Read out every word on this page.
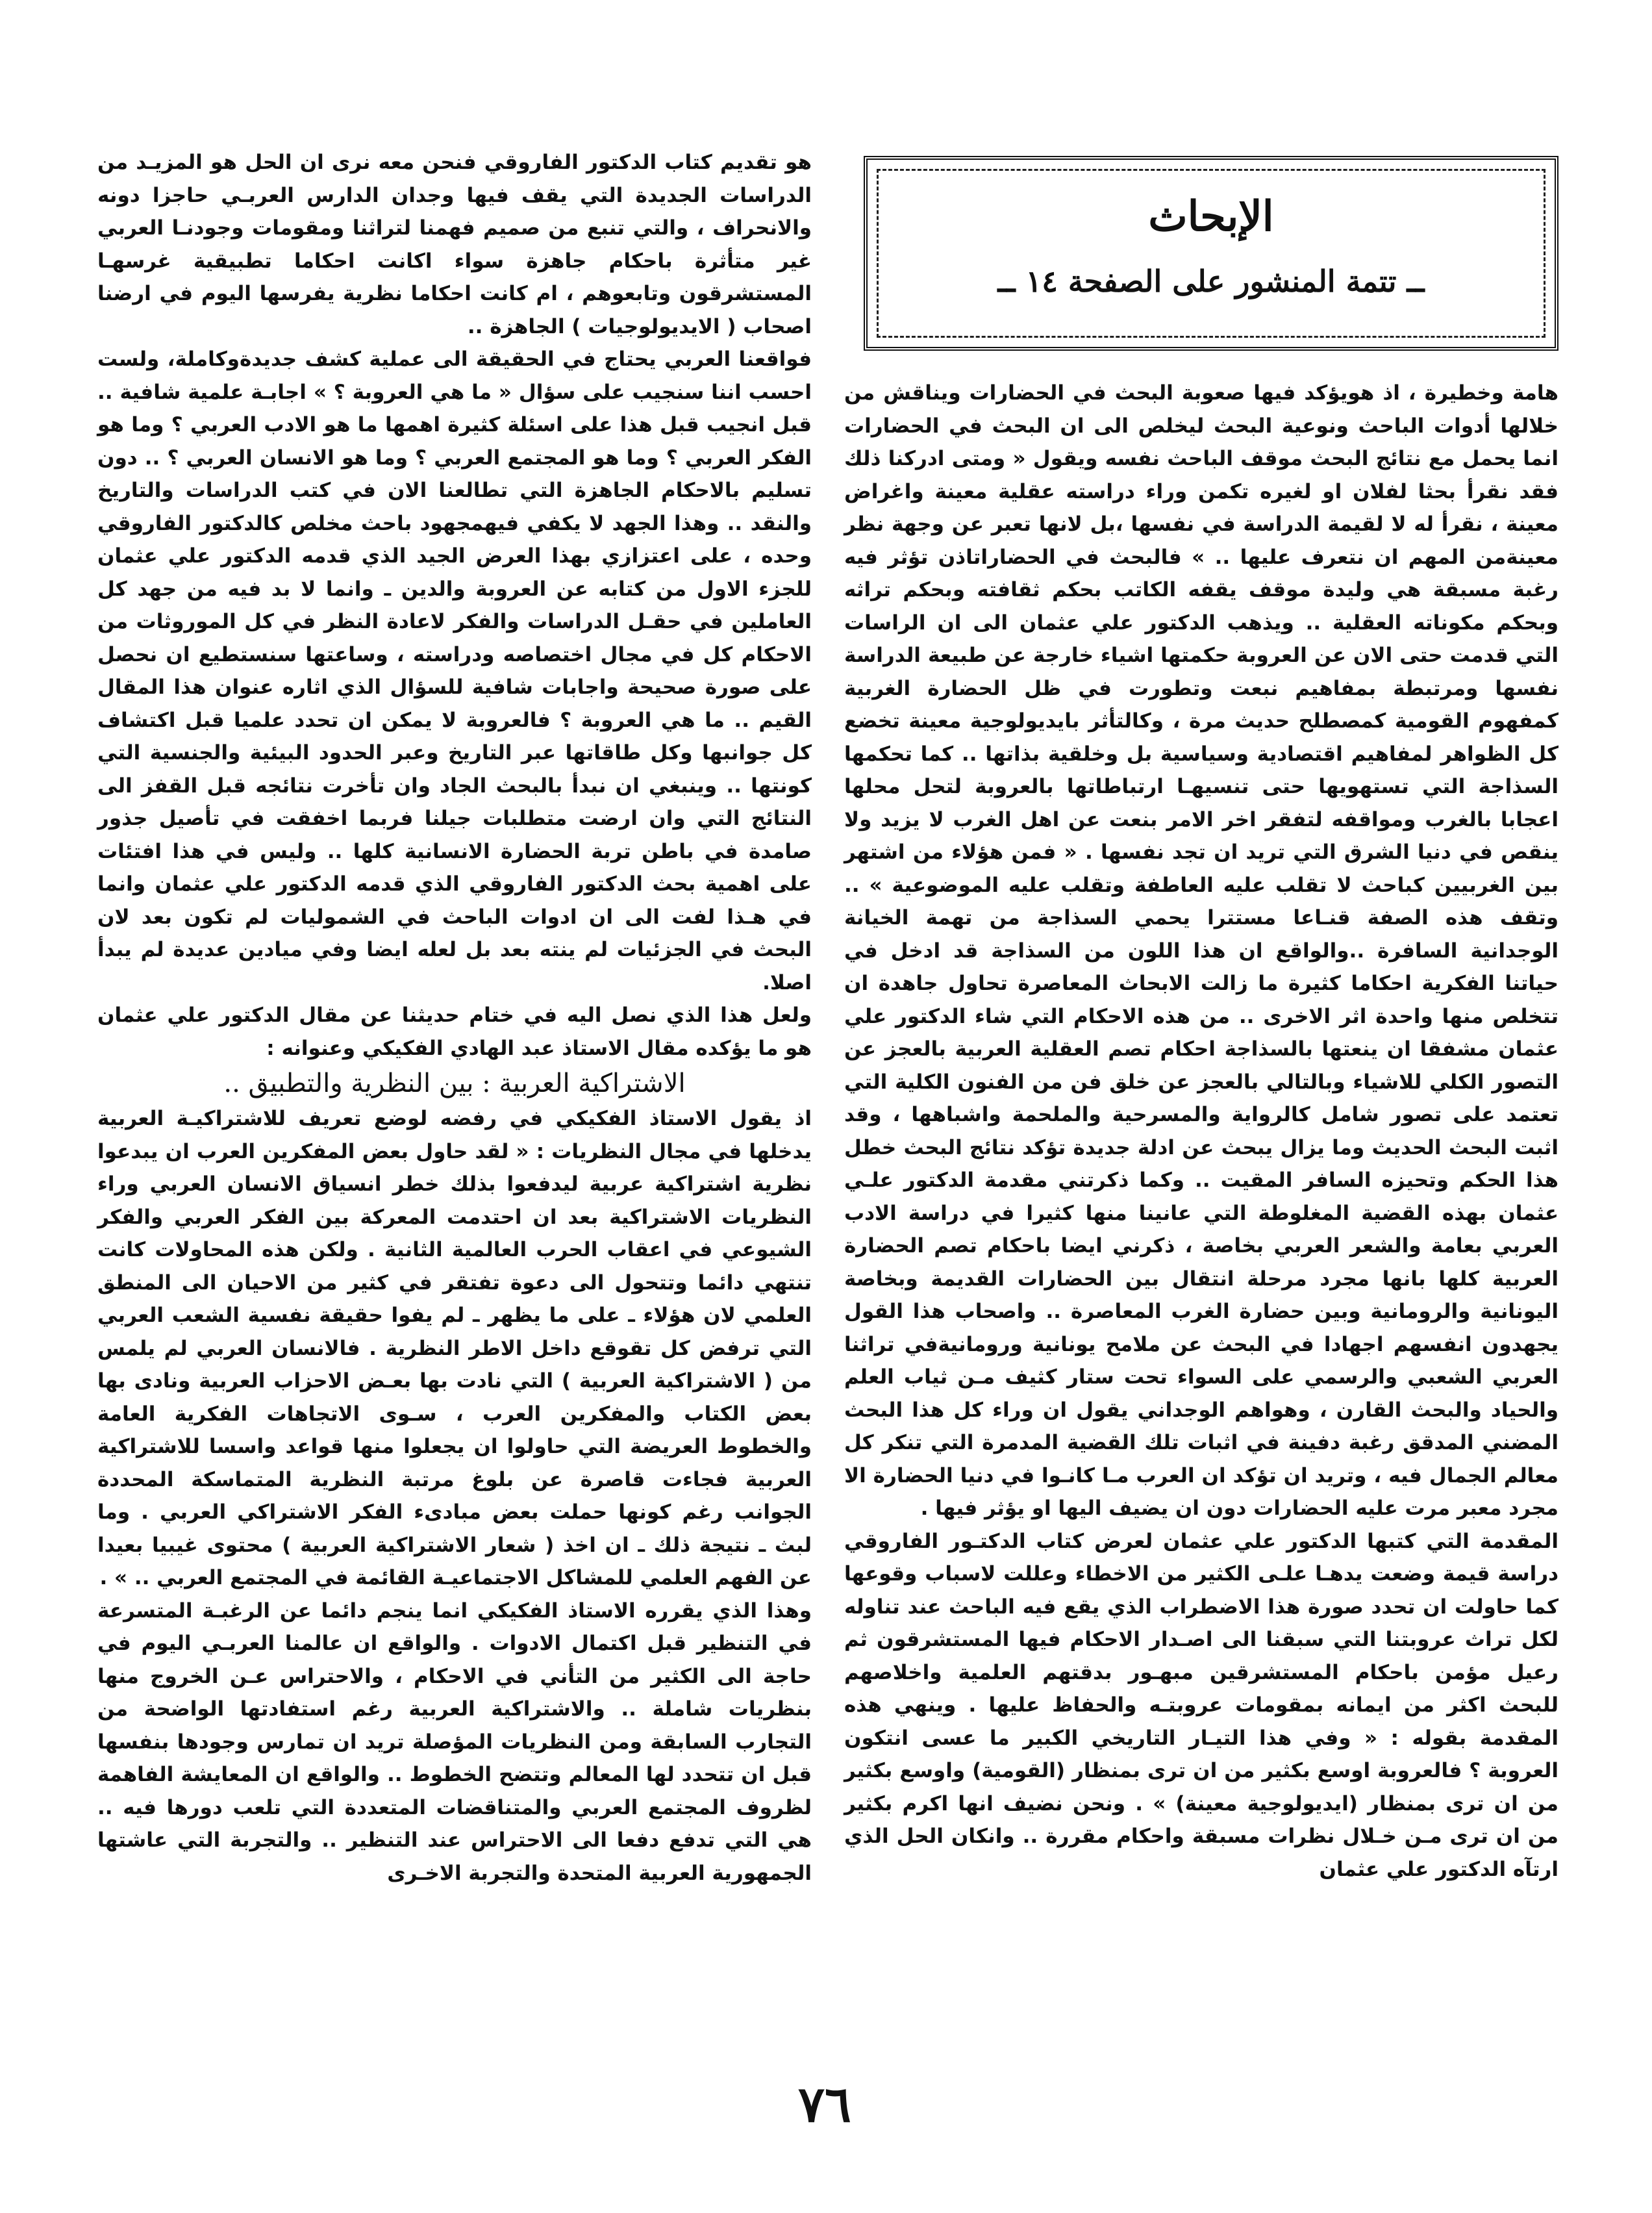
الإبحاث
ــ تتمة المنشور على الصفحة ١٤ ــ

هامة وخطيرة ، اذ هويؤكد فيها صعوبة البحث في الحضارات ويناقش من خلالها أدوات الباحث ونوعية البحث ليخلص الى ان البحث في الحضارات انما يحمل مع نتائج البحث موقف الباحث نفسه ويقول « ومتى ادركنا ذلك فقد نقرأ بحثا لفلان او لغيره تكمن وراء دراسته عقلية معينة واغراض معينة ، نقرأ له لا لقيمة الدراسة في نفسها ،بل لانها تعبر عن وجهة نظر معينةمن المهم ان نتعرف عليها .. » فالبحث في الحضاراتاذن تؤثر فيه رغبة مسبقة هي وليدة موقف يقفه الكاتب بحكم ثقافته وبحكم تراثه وبحكم مكوناته العقلية .. ويذهب الدكتور علي عثمان الى ان الراسات التي قدمت حتى الان عن العروبة حكمتها اشياء خارجة عن طبيعة الدراسة نفسها ومرتبطة بمفاهيم نبعت وتطورت في ظل الحضارة الغربية كمفهوم القومية كمصطلح حديث مرة ، وكالتأثر بايديولوجية معينة تخضع كل الظواهر لمفاهيم اقتصادية وسياسية بل وخلقية بذاتها .. كما تحكمها السذاجة التي تستهويها حتى تنسيهـا ارتباطاتها بالعروبة لتحل محلها اعجابا بالغرب ومواقفه لتفقر اخر الامر بنعت عن اهل الغرب لا يزيد ولا ينقص في دنيا الشرق التي تريد ان تجد نفسها . « فمن هؤلاء من اشتهر بين الغربيين كباحث لا تقلب عليه العاطفة وتقلب عليه الموضوعية » .. وتقف هذه الصفة قنـاعا مستترا يحمي السذاجة من تهمة الخيانة الوجدانية السافرة ..والواقع ان هذا اللون من السذاجة قد ادخل في حياتنا الفكرية احكاما كثيرة ما زالت الابحاث المعاصرة تحاول جاهدة ان تتخلص منها واحدة اثر الاخرى .. من هذه الاحكام التي شاء الدكتور علي عثمان مشفقا ان ينعتها بالسذاجة احكام تصم العقلية العربية بالعجز عن التصور الكلي للاشياء وبالتالي بالعجز عن خلق فن من الفنون الكلية التي تعتمد على تصور شامل كالرواية والمسرحية والملحمة واشباهها ، وقد اثبت البحث الحديث وما يزال يبحث عن ادلة جديدة تؤكد نتائج البحث خطل هذا الحكم وتحيزه السافر المقيت .. وكما ذكرتني مقدمة الدكتور علـي عثمان بهذه القضية المغلوطة التي عانينا منها كثيرا في دراسة الادب العربي بعامة والشعر العربي بخاصة ، ذكرني ايضا باحكام تصم الحضارة العربية كلها بانها مجرد مرحلة انتقال بين الحضارات القديمة وبخاصة اليونانية والرومانية وبين حضارة الغرب المعاصرة .. واصحاب هذا القول يجهدون انفسهم اجهادا في البحث عن ملامح يونانية ورومانيةفي تراثنا العربي الشعبي والرسمي على السواء تحت ستار كثيف مـن ثياب العلم والحياد والبحث القارن ، وهواهم الوجداني يقول ان وراء كل هذا البحث المضني المدقق رغبة دفينة في اثبات تلك القضية المدمرة التي تنكر كل معالم الجمال فيه ، وتريد ان تؤكد ان العرب مـا كانـوا في دنيا الحضارة الا مجرد معبر مرت عليه الحضارات دون ان يضيف اليها او يؤثر فيها .

المقدمة التي كتبها الدكتور علي عثمان لعرض كتاب الدكتـور الفاروقي دراسة قيمة وضعت يدهـا علـى الكثير من الاخطاء وعللت لاسباب وقوعها كما حاولت ان تحدد صورة هذا الاضطراب الذي يقع فيه الباحث عند تناوله لكل تراث عروبتنا التي سبقنا الى اصـدار الاحكام فيها المستشرقون ثم رعيل مؤمن باحكام المستشرقين مبهـور بدقتهم العلمية واخلاصهم للبحث اكثر من ايمانه بمقومات عروبتـه والحفاظ عليها . وينهي هذه المقدمة بقوله : « وفي هذا التيـار التاريخي الكبير ما عسى انتكون العروبة ؟ فالعروبة اوسع بكثير من ان ترى بمنظار (القومية) واوسع بكثير من ان ترى بمنظار (ايديولوجية معينة) » . ونحن نضيف انها اكرم بكثير من ان ترى مـن خـلال نظرات مسبقة واحكام مقررة .. وانكان الحل الذي ارتآه الدكتور علي عثمان

هو تقديم كتاب الدكتور الفاروقي فنحن معه نرى ان الحل هو المزيـد من الدراسات الجديدة التي يقف فيها وجدان الدارس العربـي حاجزا دونه والانحراف ، والتي تنبع من صميم فهمنا لتراثنا ومقومات وجودنـا العربي غير متأثرة باحكام جاهزة سواء اكانت احكاما تطبيقية غرسهـا المستشرقون وتابعوهم ، ام كانت احكاما نظرية يفرسها اليوم في ارضنا اصحاب ( الايديولوجيات ) الجاهزة ..

فواقعنا العربي يحتاج في الحقيقة الى عملية كشف جديدةوكاملة، ولست احسب اننا سنجيب على سؤال « ما هي العروبة ؟ » اجابـة علمية شافية .. قبل انجيب قبل هذا على اسئلة كثيرة اهمها ما هو الادب العربي ؟ وما هو الفكر العربي ؟ وما هو المجتمع العربي ؟ وما هو الانسان العربي ؟ .. دون تسليم بالاحكام الجاهزة التي تطالعنا الان في كتب الدراسات والتاريخ والنقد .. وهذا الجهد لا يكفي فيهمجهود باحث مخلص كالدكتور الفاروقي وحده ، على اعتزازي بهذا العرض الجيد الذي قدمه الدكتور علي عثمان للجزء الاول من كتابه عن العروبة والدين ـ وانما لا بد فيه من جهد كل العاملين في حقـل الدراسات والفكر لاعادة النظر في كل الموروثات من الاحكام كل في مجال اختصاصه ودراسته ، وساعتها سنستطيع ان نحصل على صورة صحيحة واجابات شافية للسؤال الذي اثاره عنوان هذا المقال القيم .. ما هي العروبة ؟ فالعروبة لا يمكن ان تحدد علميا قبل اكتشاف كل جوانبها وكل طاقاتها عبر التاريخ وعبر الحدود البيئية والجنسية التي كونتها .. وينبغي ان نبدأ بالبحث الجاد وان تأخرت نتائجه قبل القفز الى النتائج التي وان ارضت متطلبات جيلنا فربما اخفقت في تأصيل جذور صامدة في باطن تربة الحضارة الانسانية كلها .. وليس في هذا افتئات على اهمية بحث الدكتور الفاروقي الذي قدمه الدكتور علي عثمان وانما في هـذا لفت الى ان ادوات الباحث في الشموليات لم تكون بعد لان البحث في الجزئيات لم ينته بعد بل لعله ايضا وفي ميادين عديدة لم يبدأ اصلا.

ولعل هذا الذي نصل اليه في ختام حديثنا عن مقال الدكتور علي عثمان هو ما يؤكده مقال الاستاذ عبد الهادي الفكيكي وعنوانه :

الاشتراكية العربية : بين النظرية والتطبيق ..

اذ يقول الاستاذ الفكيكي في رفضه لوضع تعريف للاشتراكيـة العربية يدخلها في مجال النظريات : « لقد حاول بعض المفكرين العرب ان يبدعوا نظرية اشتراكية عربية ليدفعوا بذلك خطر انسياق الانسان العربي وراء النظريات الاشتراكية بعد ان احتدمت المعركة بين الفكر العربي والفكر الشيوعي في اعقاب الحرب العالمية الثانية . ولكن هذه المحاولات كانت تنتهي دائما وتتحول الى دعوة تفتقر في كثير من الاحيان الى المنطق العلمي لان هؤلاء ـ على ما يظهر ـ لم يفوا حقيقة نفسية الشعب العربي التي ترفض كل تقوقع داخل الاطر النظرية . فالانسان العربي لم يلمس من ( الاشتراكية العربية ) التي نادت بها بعـض الاحزاب العربية ونادى بها بعض الكتاب والمفكرين العرب ، سـوى الاتجاهات الفكرية العامة والخطوط العريضة التي حاولوا ان يجعلوا منها قواعد واسسا للاشتراكية العربية فجاءت قاصرة عن بلوغ مرتبة النظرية المتماسكة المحددة الجوانب رغم كونها حملت بعض مبادىء الفكر الاشتراكي العربي . وما لبث ـ نتيجة ذلك ـ ان اخذ ( شعار الاشتراكية العربية ) محتوى غيبيا بعيدا عن الفهم العلمي للمشاكل الاجتماعيـة القائمة في المجتمع العربي .. » .

وهذا الذي يقرره الاستاذ الفكيكي انما ينجم دائما عن الرغبـة المتسرعة في التنظير قبل اكتمال الادوات . والواقع ان عالمنا العربـي اليوم في حاجة الى الكثير من التأني في الاحكام ، والاحتراس عـن الخروج منها بنظريات شاملة .. والاشتراكية العربية رغم استفادتها الواضحة من التجارب السابقة ومن النظريات المؤصلة تريد ان تمارس وجودها بنفسها قبل ان تتحدد لها المعالم وتتضح الخطوط .. والواقع ان المعايشة الفاهمة لظروف المجتمع العربي والمتناقضات المتعددة التي تلعب دورها فيه .. هي التي تدفع دفعا الى الاحتراس عند التنظير .. والتجربة التي عاشتها الجمهورية العربية المتحدة والتجربة الاخـرى

٧٦
